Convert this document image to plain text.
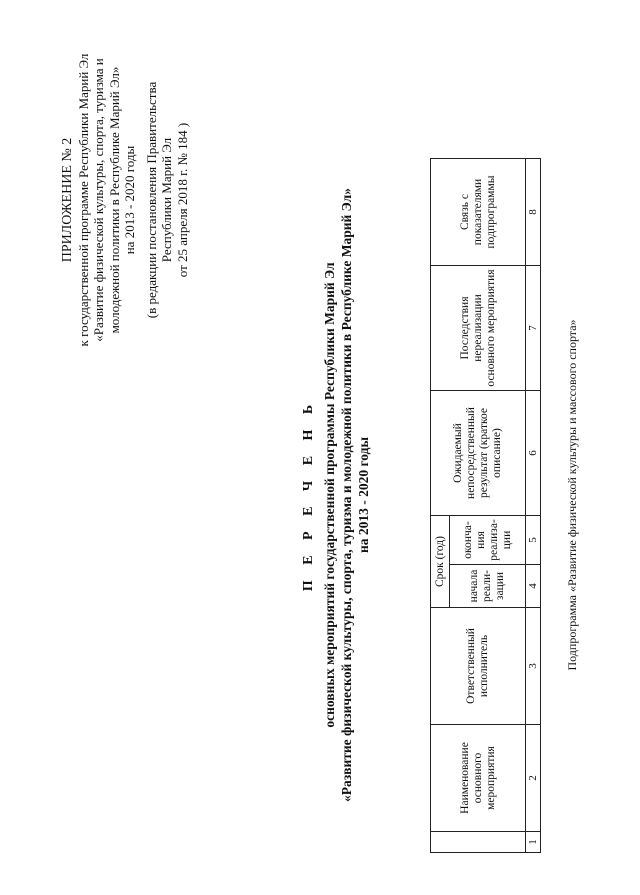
ПРИЛОЖЕНИЕ № 2 к государственной программе Республики Марий Эл «Развитие физической культуры, спорта, туризма и молодежной политики в Республике Марий Эл» на 2013 - 2020 годы (в редакции постановления Правительства Республики Марий Эл от 25 апреля 2018 г. № 184 )
П Е Р Е Ч Е Н Ь основных мероприятий государственной программы Республики Марий Эл «Развитие физической культуры, спорта, туризма и молодежной политики в Республике Марий Эл» на 2013 - 2020 годы
	Наименование основного мероприятия	Ответственный исполнитель	Срок (год)		Ожидаемый непосредственный результат (краткое описание)	Последствия нереализации основного мероприятия	Связь с показателями подпрограммы
			начала реали-зации	оконча-ния реализа-ции			
1	2	3	4	5	6	7	8
Подпрограмма «Развитие физической культуры и массового спорта»
